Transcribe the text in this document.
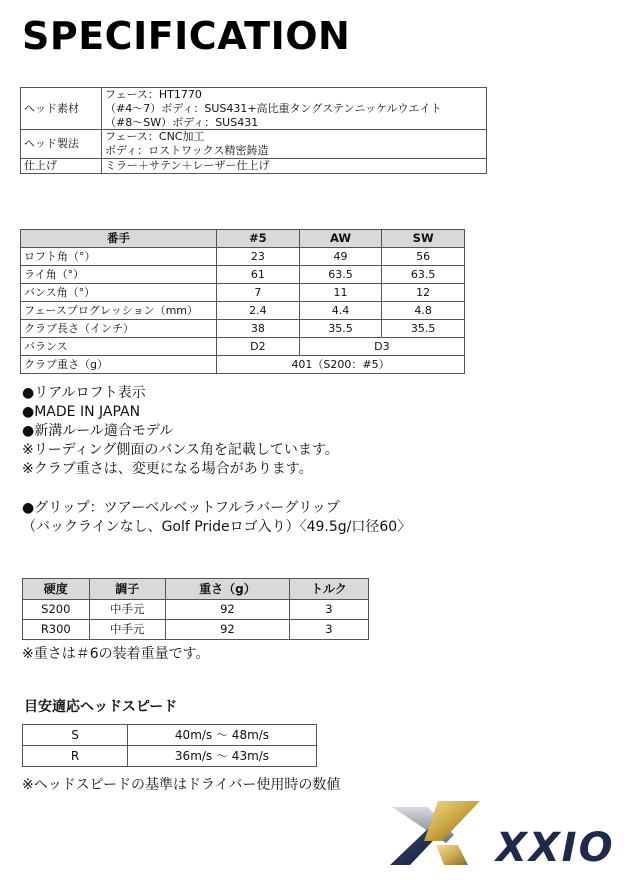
SPECIFICATION
ヘッド素材	フェース：HT1770
（#4〜7）ボディ：SUS431+高比重タングステンニッケルウエイト
（#8〜SW）ボディ：SUS431

ヘッド製法	フェース：CNC加工
ボディ：ロストワックス精密鋳造

仕上げ	ミラー＋サテン＋レーザー仕上げ
番手	#5	AW	SW
ロフト角（°）	23	49	56
ライ角（°）	61	63.5	63.5
バンス角（°）	7	11	12
フェースプログレッション（mm）	2.4	4.4	4.8
クラブ長さ（インチ）	38	35.5	35.5
バランス	D2	D3	
クラブ重さ（g）	401（S200：#5）		
●リアルロフト表示
●MADE IN JAPAN
●新溝ルール適合モデル
※リーディング側面のバンス角を記載しています。
※クラブ重さは、変更になる場合があります。
●グリップ：ツアーベルベットフルラバーグリップ
（バックラインなし、Golf Prideロゴ入り）〈49.5g/口径60〉
硬度	調子	重さ（g）	トルク
S200	中手元	92	3
R300	中手元	92	3
※重さは＃6の装着重量です。
目安適応ヘッドスピード
S	40m/s 〜 48m/s
R	36m/s 〜 43m/s
※ヘッドスピードの基準はドライバー使用時の数値
XXIO
